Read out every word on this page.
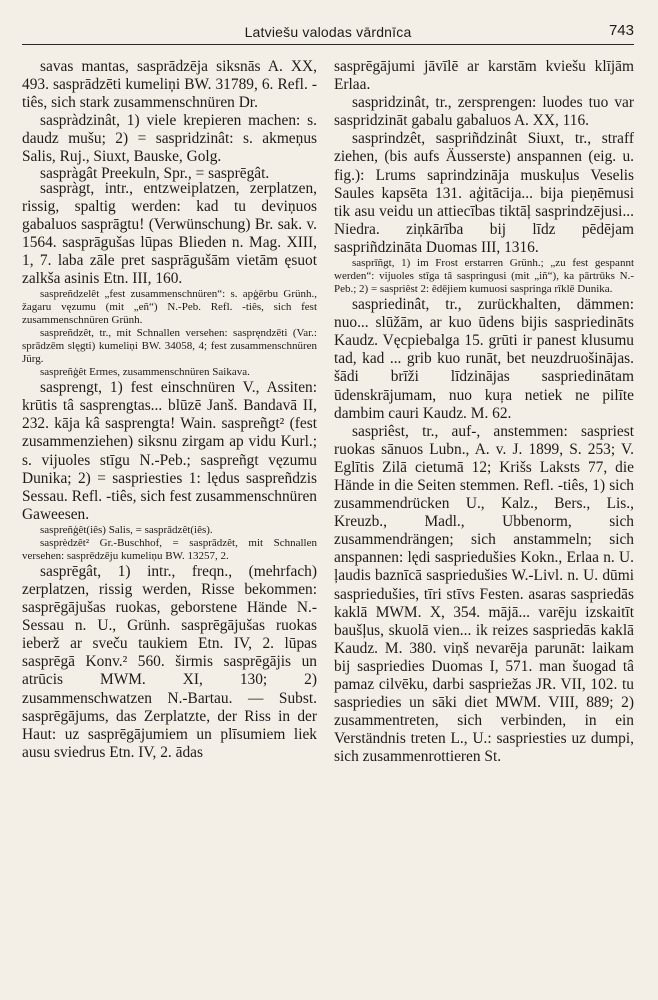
Latviešu valodas vārdnīca	743

savas mantas, sasprādzēja siksnās A. XX, 493. sasprādzēti kumeliņi BW. 31789, 6. Refl. -tiês, sich stark zusammenschnüren Dr.

saspràdzinât, 1) viele krepieren machen: s. daudz mušu; 2) = saspridzinât: s. akmeņus Salis, Ruj., Siuxt, Bauske, Golg.

saspràgât Preekuln, Spr., = sasprēgât.

saspràgt, intr., entzweiplatzen, zerplatzen, rissig, spaltig werden: kad tu deviņuos gabaluos sasprāgtu! (Verwünschung) Br. sak. v. 1564. sasprāgušas lūpas Blieden n. Mag. XIII, 1, 7. laba zāle pret sasprāgušām vietām ęsuot zalkša asinis Etn. III, 160.

saspreñdzelêt „fest zusammenschnüren“: s. apģērbu Grünh., žagaru vęzumu (mit „eñ“) N.-Peb. Refl. -tiês, sich fest zusammenschnüren Grünh.

saspreñdzêt, tr., mit Schnallen versehen: saspręndzēti (Var.: sprādzēm slęgti) kumeliņi BW. 34058, 4; fest zusammenschnüren Jürg.

saspreñģêt Ermes, zusammenschnüren Saikava.

sasprengt, 1) fest einschnüren V., Assiten: krūtis tâ sasprengtas... blūzē Janš. Bandavā II, 232. kāja kâ sasprengta! Wain. saspreñgt² (fest zusammenziehen) siksnu zirgam ap vidu Kurl.; s. vijuoles stīgu N.-Peb.; saspreñgt vęzumu Dunika; 2) = saspriesties 1: lędus saspreñdzis Sessau. Refl. -tiês, sich fest zusammenschnüren Gaweesen.

saspreñģêt(iês) Salis, = sasprādzêt(iês).

sasprèdzêt² Gr.-Buschhof, = sasprādzêt, mit Schnallen versehen: sasprēdzēju kumeliņu BW. 13257, 2.

sasprēgât, 1) intr., freqn., (mehrfach) zerplatzen, rissig werden, Risse bekommen: sasprēgājušas ruokas, geborstene Hände N.-Sessau n. U., Grünh. sasprēgājušas ruokas ieberž ar sveču taukiem Etn. IV, 2. lūpas sasprēgā Konv.² 560. širmis sasprēgājis un atrūcis MWM. XI, 130; 2) zusammenschwatzen N.-Bartau. — Subst. sasprēgājums, das Zerplatzte, der Riss in der Haut: uz sasprēgājumiem un plīsumiem liek ausu sviedrus Etn. IV, 2. ādas

sasprēgājumi jāvīlē ar karstām kviešu klījām Erlaa.

saspridzinât, tr., zersprengen: luodes tuo var saspridzināt gabalu gabaluos A. XX, 116.

sasprindzêt, saspriñdzinât Siuxt, tr., straff ziehen, (bis aufs Äusserste) anspannen (eig. u. fig.): Lrums saprindzināja muskuļus Veselis Saules kapsēta 131. aģitācija... bija pieņēmusi tik asu veidu un attiecības tiktāļ sasprindzējusi... Niedra. ziņkārība bij līdz pēdējam saspriñdzināta Duomas III, 1316.

sasprīñgt, 1) im Frost erstarren Grünh.; „zu fest gespannt werden“: vijuoles stīga tâ saspringusi (mit „iñ“), ka pārtrūks N.-Peb.; 2) = saspriêst 2: ēdējiem kumuosi saspringa rīklē Dunika.

saspriedinât, tr., zurückhalten, dämmen: nuo... slūžām, ar kuo ūdens bijis saspriedināts Kaudz. Vęcpiebalga 15. grūti ir panest klusumu tad, kad ... grib kuo runāt, bet neuzdruošinājas. šādi brīži līdzinājas saspriedinātam ūdenskrājumam, nuo kuŗa netiek ne pilīte dambim cauri Kaudz. M. 62.

saspriêst, tr., auf-, anstemmen: saspriest ruokas sānuos Lubn., A. v. J. 1899, S. 253; V. Eglītis Zilā cietumā 12; Krišs Laksts 77, die Hände in die Seiten stemmen. Refl. -tiês, 1) sich zusammendrücken U., Kalz., Bers., Lis., Kreuzb., Madl., Ubbenorm, sich zusammendrängen; sich anstammeln; sich anspannen: lędi saspriedušies Kokn., Erlaa n. U. ļaudis baznīcā saspriedušies W.-Livl. n. U. dūmi saspriedušies, tīri stīvs Festen. asaras saspriedās kaklā MWM. X, 354. mājā... varēju izskaitīt baušļus, skuolā vien... ik reizes saspriedās kaklā Kaudz. M. 380. viņš nevarēja parunāt: laikam bij saspriedies Duomas I, 571. man šuogad tâ pamaz cilvēku, darbi saspriežas JR. VII, 102. tu saspriedies un sāki diet MWM. VIII, 889; 2) zusammentreten, sich verbinden, in ein Verständnis treten L., U.: saspriesties uz dumpi, sich zusammenrottieren St.
